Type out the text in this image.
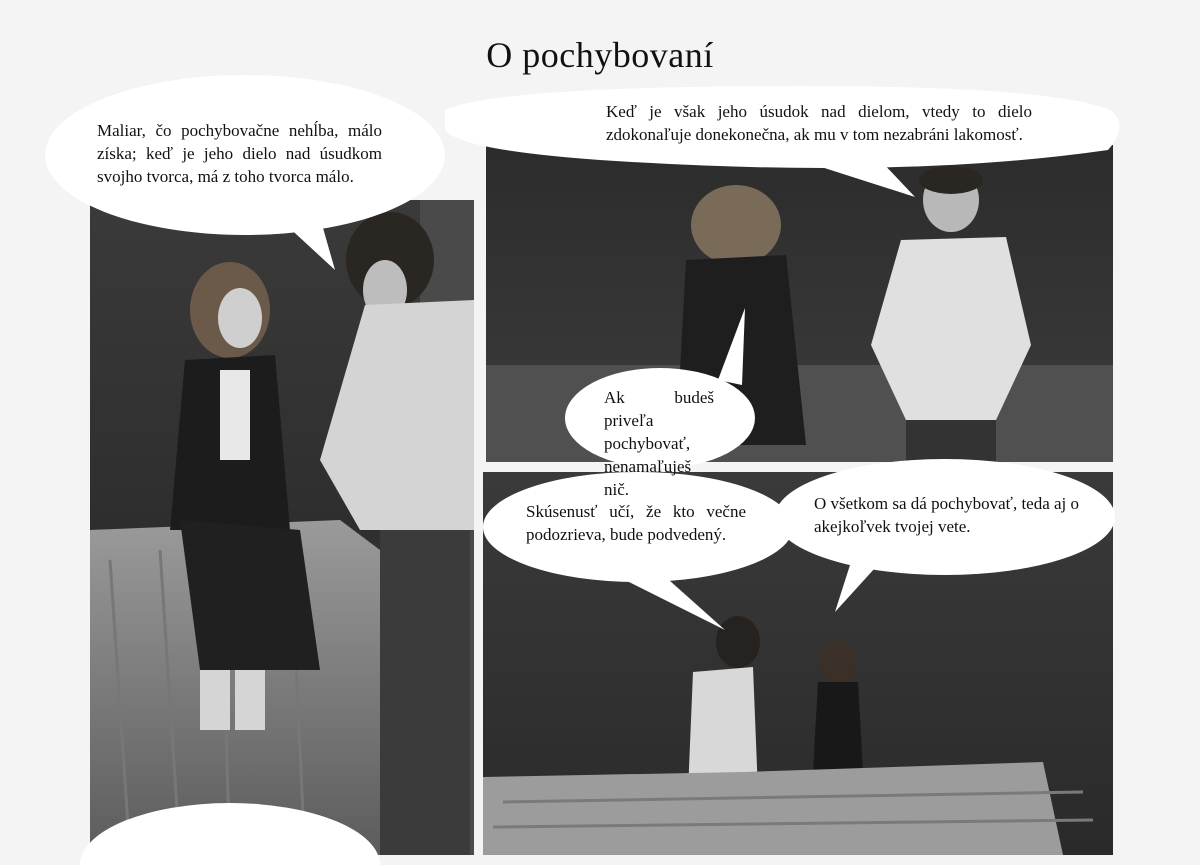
O pochybovaní

Maliar, čo pochybovačne nehĺba, málo získa; keď je jeho dielo nad úsudkom svojho tvorca, má z toho tvorca málo.

Keď je však jeho úsudok nad dielom, vtedy to dielo zdokonaľuje donekonečna, ak mu v tom nezabráni lakomosť.

Ak budeš priveľa pochybovať, nenamaľuješ nič.

Skúsenusť učí, že kto večne podozrieva, bude podvedený.

O všetkom sa dá pochybovať, teda aj o akejkoľvek tvojej vete.
